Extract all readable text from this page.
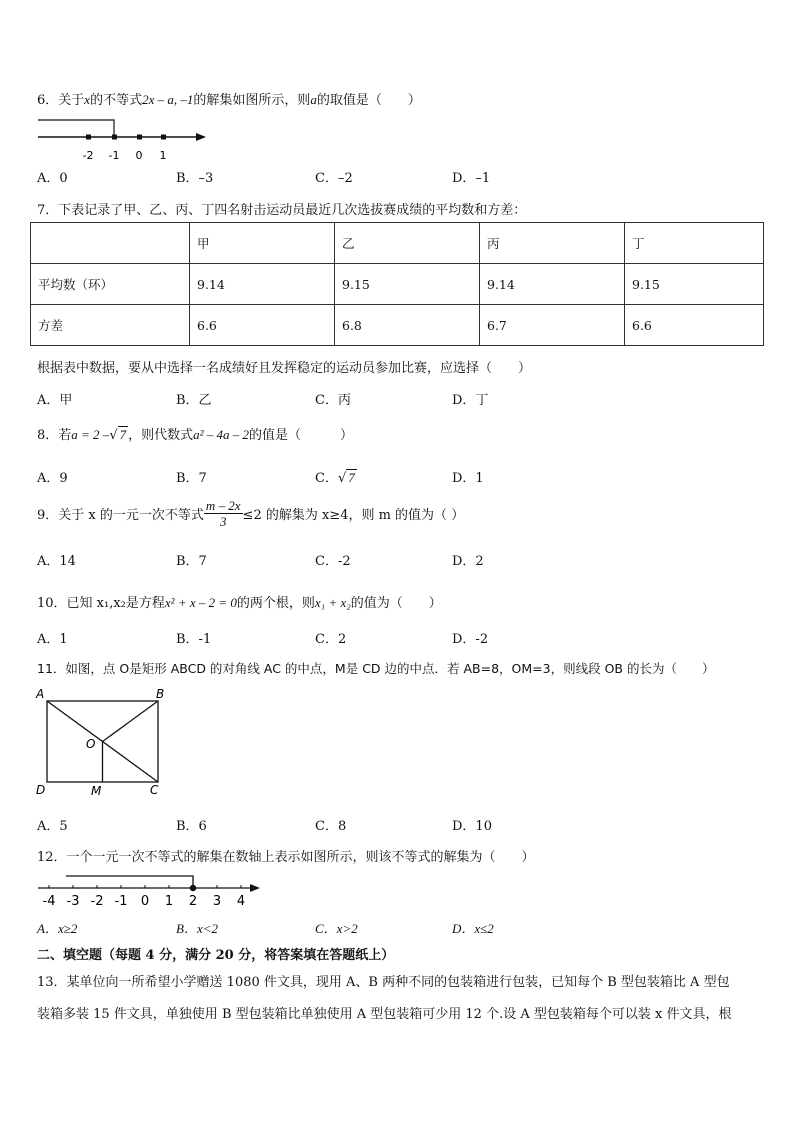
6．关于x的不等式2x – a, –1的解集如图所示，则a的取值是（　　）
-2 -1 0 1
A．0	B．–3	C．–2	D．–1
7．下表记录了甲、乙、丙、丁四名射击运动员最近几次选拔赛成绩的平均数和方差：
	甲	乙	丙	丁
平均数（环）	9.14	9.15	9.14	9.15
方差	6.6	6.8	6.7	6.6
根据表中数据，要从中选择一名成绩好且发挥稳定的运动员参加比赛，应选择（　　）
A．甲	B．乙	C．丙	D．丁
8．若a = 2 –√ 7 ，则代数式a² – 4a – 2的值是（　　　）
A．9	B．7	C．√ 7	D．1
9．关于 x 的一元一次不等式 $\frac{m - 2x}{3} \le 2$ 的解集为 x≥4，则 m 的值为（ ）
A．14	B．7	C．-2	D．2
10．已知 x₁,x₂是方程x² + x – 2 = 0的两个根，则x₁ + x₂的值为（　　）
A．1	B．-1	C．2	D．-2
11．如图，点 O是矩形 ABCD 的对角线 AC 的中点，M是 CD 边的中点．若 AB=8，OM=3，则线段 OB 的长为（　　）
A	B
C
D
O
M
A．5	B．6	C．8	D．10
12．一个一元一次不等式的解集在数轴上表示如图所示，则该不等式的解集为（　　）
-4 -3 -2 -1 0 1 2 3 4
A．x≥2	B．x<2	C．x>2	D．x≤2
二、填空题（每题 4 分，满分 20 分，将答案填在答题纸上）
13．某单位向一所希望小学赠送 1080 件文具，现用 A、B 两种不同的包装箱进行包装，已知每个 B 型包装箱比 A 型包
装箱多装 15 件文具，单独使用 B 型包装箱比单独使用 A 型包装箱可少用 12 个.设 A 型包装箱每个可以装 x 件文具，根
